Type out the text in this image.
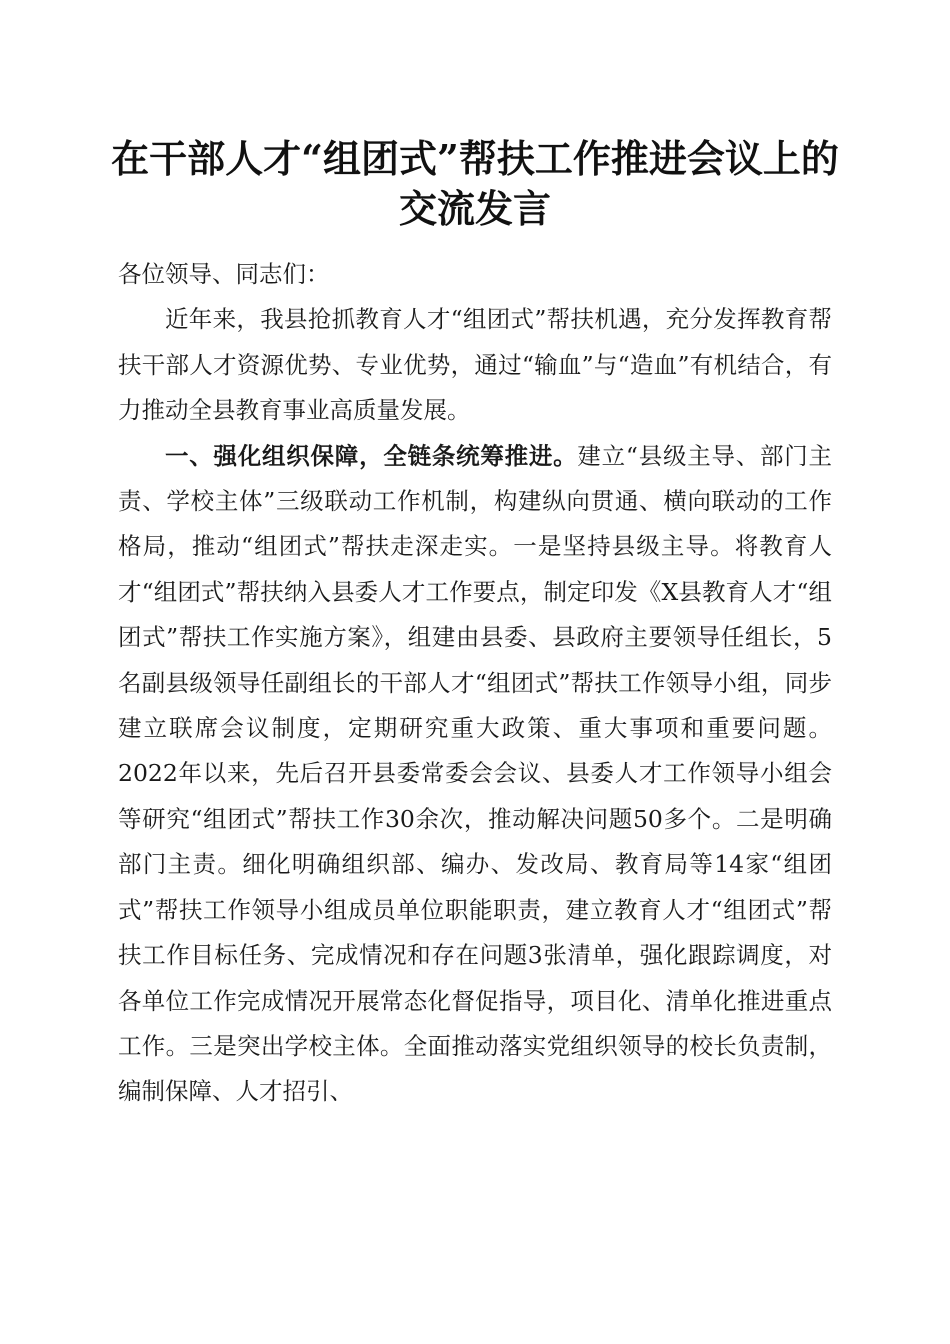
在干部人才“组团式”帮扶工作推进会议上的
交流发言

各位领导、同志们：

近年来，我县抢抓教育人才“组团式”帮扶机遇，充分发挥教育帮扶干部人才资源优势、专业优势，通过“输血”与“造血”有机结合，有力推动全县教育事业高质量发展。

一、强化组织保障，全链条统筹推进。建立“县级主导、部门主责、学校主体”三级联动工作机制，构建纵向贯通、横向联动的工作格局，推动“组团式”帮扶走深走实。一是坚持县级主导。将教育人才“组团式”帮扶纳入县委人才工作要点，制定印发《X县教育人才“组团式”帮扶工作实施方案》，组建由县委、县政府主要领导任组长，5名副县级领导任副组长的干部人才“组团式”帮扶工作领导小组，同步建立联席会议制度，定期研究重大政策、重大事项和重要问题。2022年以来，先后召开县委常委会会议、县委人才工作领导小组会等研究“组团式”帮扶工作30余次，推动解决问题50多个。二是明确部门主责。细化明确组织部、编办、发改局、教育局等14家“组团式”帮扶工作领导小组成员单位职能职责，建立教育人才“组团式”帮扶工作目标任务、完成情况和存在问题3张清单，强化跟踪调度，对各单位工作完成情况开展常态化督促指导，项目化、清单化推进重点工作。三是突出学校主体。全面推动落实党组织领导的校长负责制，编制保障、人才招引、
